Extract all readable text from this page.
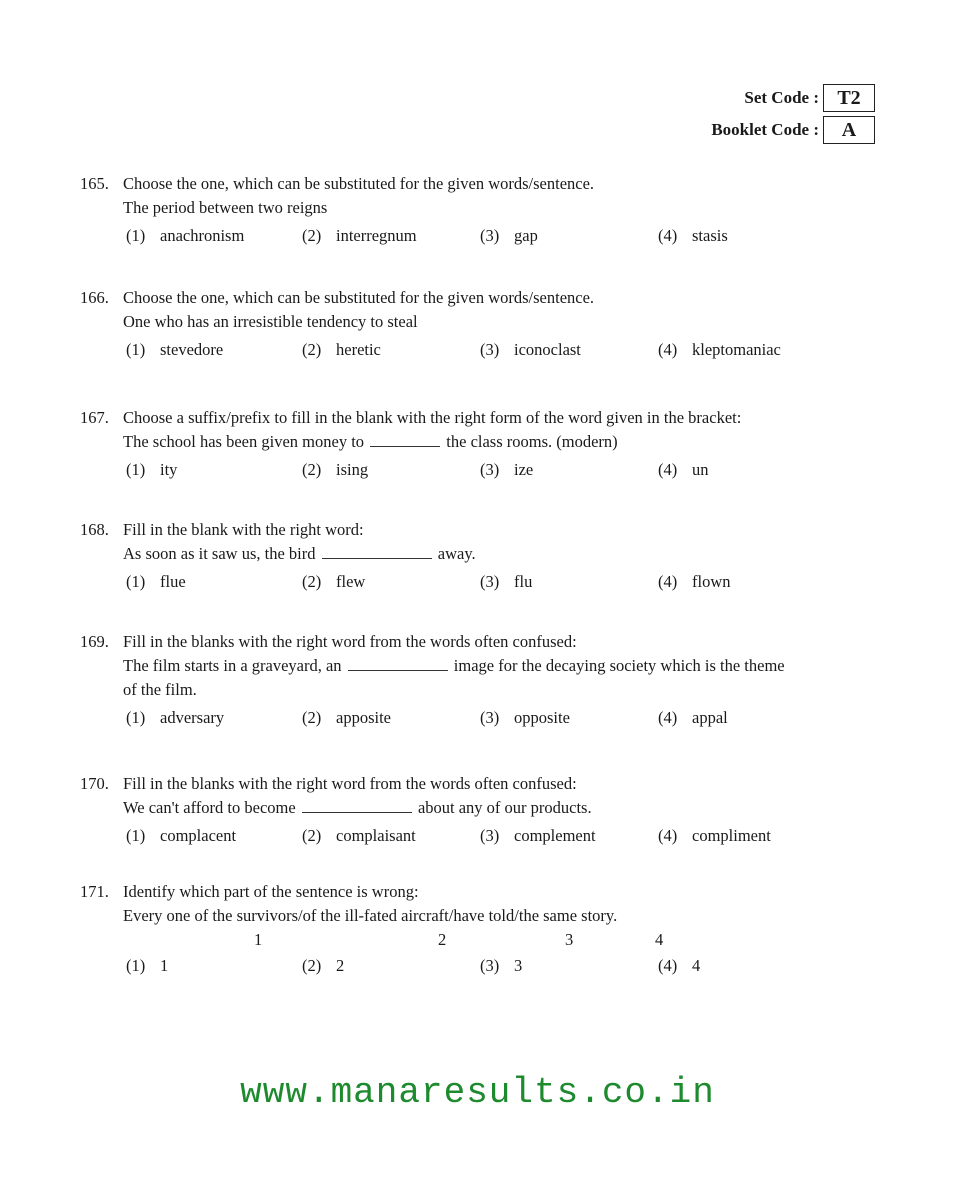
Set Code : T2
Booklet Code :	A
165. Choose the one, which can be substituted for the given words/sentence.
The period between two reigns
(1) anachronism	(2) interregnum	(3) gap	(4) stasis
166. Choose the one, which can be substituted for the given words/sentence.
One who has an irresistible tendency to steal
(1) stevedore	(2) heretic	(3) iconoclast	(4) kleptomaniac
167. Choose a suffix/prefix to fill in the blank with the right form of the word given in the bracket:
The school has been given money to	the class rooms. (modern)
(1) ity	(2) ising	(3) ize	(4) un
168. Fill in the blank with the right word:
As soon as it saw us, the bird	away.
(1) flue	(2) flew	(3) flu	(4) flown
169. Fill in the blanks with the right word from the words often confused:
The film starts in a graveyard, an	image for the decaying society which is the theme
of the film.
(1) adversary	(2) apposite	(3) opposite	(4) appal
170. Fill in the blanks with the right word from the words often confused:
We can't afford to become	about any of our products.
(1) complacent	(2) complaisant	(3) complement	(4) compliment
171. Identify which part of the sentence is wrong:
Every one of the survivors/of the ill-fated aircraft/have told/the same story.
1	2	3	4
(1) 1	(2) 2	(3) 3	(4) 4
www.manaresults.co.in
